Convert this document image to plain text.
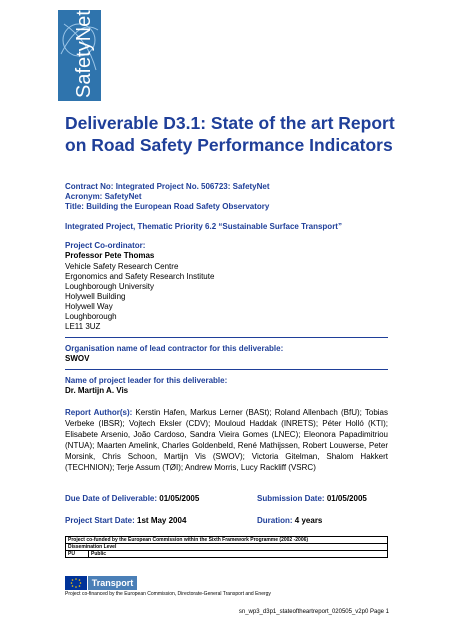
SafetyNet
Deliverable D3.1: State of the art Report on Road Safety Performance Indicators
Contract No: Integrated Project No. 506723: SafetyNet
Acronym: SafetyNet
Title: Building the European Road Safety Observatory
Integrated Project, Thematic Priority 6.2 “Sustainable Surface Transport”
Project Co-ordinator:
Professor Pete Thomas
Vehicle Safety Research Centre
Ergonomics and Safety Research Institute
Loughborough University
Holywell Building
Holywell Way
Loughborough
LE11 3UZ
Organisation name of lead contractor for this deliverable:
SWOV
Name of project leader for this deliverable:
Dr. Martijn A. Vis
Report Author(s): Kerstin Hafen, Markus Lerner (BASt); Roland Allenbach (BfU); Tobias Verbeke (IBSR); Vojtech Eksler (CDV); Mouloud Haddak (INRETS); Péter Holló (KTI); Elisabete Arsenio, João Cardoso, Sandra Vieira Gomes (LNEC); Eleonora Papadimitriou (NTUA); Maarten Amelink, Charles Goldenbeld, René Mathijssen, Robert Louwerse, Peter Morsink, Chris Schoon, Martijn Vis (SWOV); Victoria Gitelman, Shalom Hakkert (TECHNION); Terje Assum (TØI); Andrew Morris, Lucy Rackliff (VSRC)
Due Date of Deliverable: 01/05/2005	Submission Date: 01/05/2005
Project Start Date: 1st May 2004	Duration: 4 years
Project co-funded by the European Commission within the Sixth Framework Programme (2002 -2006)
Dissemination Level
PU	Public
Transport
Project co-financed by the European Commission, Directorate-General Transport and Energy
sn_wp3_d3p1_stateoftheartreport_020505_v2p0 Page 1
